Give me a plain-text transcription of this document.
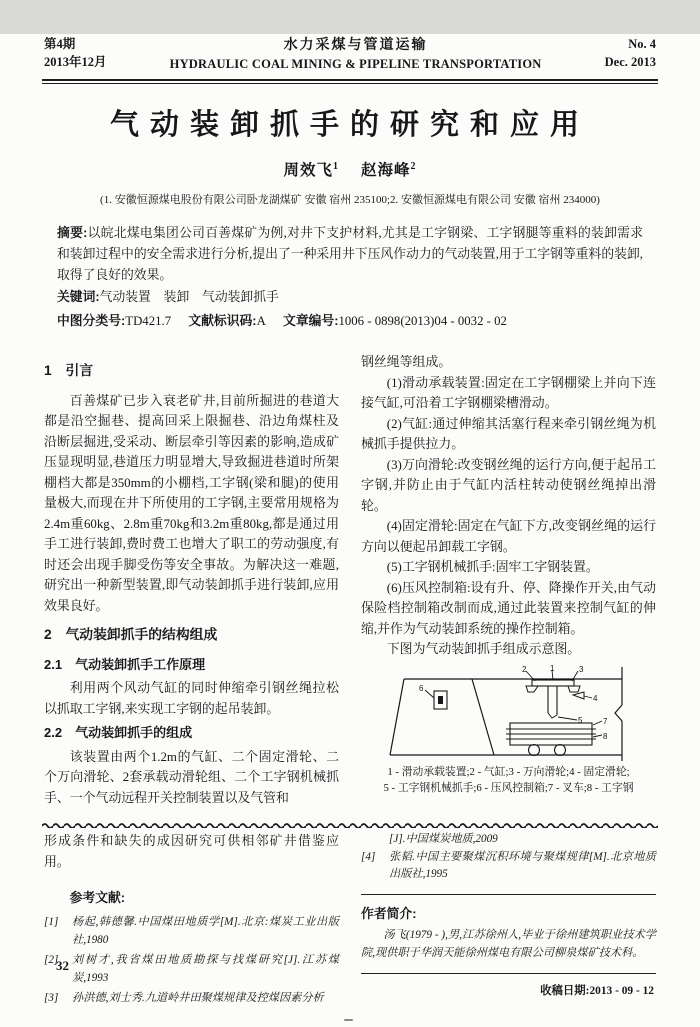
第4期
2013年12月
水力采煤与管道运输
HYDRAULIC COAL MINING & PIPELINE TRANSPORTATION
No. 4
Dec. 2013
气动装卸抓手的研究和应用
周效飞$^1$ 赵海峰$^2$
(1. 安徽恒源煤电股份有限公司卧龙湖煤矿 安徽 宿州 235100;2. 安徽恒源煤电有限公司 安徽 宿州 234000)
摘要:以皖北煤电集团公司百善煤矿为例,对井下支护材料,尤其是工字钢梁、工字钢腿等重料的装卸需求和装卸过程中的安全需求进行分析,提出了一种采用井下压风作动力的气动装置,用于工字钢等重料的装卸,取得了良好的效果。
关键词:气动装置　装卸　气动装卸抓手
中图分类号:TD421.7 文献标识码:A 文章编号:1006 - 0898(2013)04 - 0032 - 02
1　引言

百善煤矿已步入衰老矿井,目前所掘进的巷道大都是沿空掘巷、提高回采上限掘巷、沿边角煤柱及沿断层掘进,受采动、断层牵引等因素的影响,造成矿压显现明显,巷道压力明显增大,导致掘进巷道时所架棚档大都是350mm的小棚档,工字钢(梁和腿)的使用量极大,而现在井下所使用的工字钢,主要常用规格为2.4m重60kg、2.8m重70kg和3.2m重80kg,都是通过用手工进行装卸,费时费工也增大了职工的劳动强度,有时还会出现手脚受伤等安全事故。为解决这一难题,研究出一种新型装置,即气动装卸抓手进行装卸,应用效果良好。

2　气动装卸抓手的结构组成
2.1　气动装卸抓手工作原理

利用两个风动气缸的同时伸缩牵引钢丝绳拉松以抓取工字钢,来实现工字钢的起吊装卸。

2.2　气动装卸抓手的组成

该装置由两个1.2m的气缸、二个固定滑轮、二个万向滑轮、2套承载动滑轮组、二个工字钢机械抓手、一个气动远程开关控制装置以及气管和

钢丝绳等组成。

(1)滑动承载装置:固定在工字钢棚梁上并向下连接气缸,可沿着工字钢棚梁槽滑动。

(2)气缸:通过伸缩其活塞行程来牵引钢丝绳为机械抓手提供拉力。

(3)万向滑轮:改变钢丝绳的运行方向,便于起吊工字钢,并防止由于气缸内活柱转动使钢丝绳掉出滑轮。

(4)固定滑轮:固定在气缸下方,改变钢丝绳的运行方向以便起吊卸载工字钢。

(5)工字钢机械抓手:固牢工字钢装置。

(6)压风控制箱:设有升、停、降操作开关,由气动保险档控制箱改制而成,通过此装置来控制气缸的伸缩,并作为气动装卸系统的操作控制箱。

下图为气动装卸抓手组成示意图。

6
2	1	3
4
5	7
8
1 - 滑动承载装置;2 - 气缸;3 - 万向滑轮;4 - 固定滑轮;
5 - 工字钢机械抓手;6 - 压风控制箱;7 - 叉车;8 - 工字钢

形成条件和缺失的成因研究可供相邻矿井借鉴应用。

参考文献:
[1]	杨起,韩德馨.中国煤田地质学[M].北京:煤炭工业出版社,1980
[2]	刘树才,我省煤田地质勘探与找煤研究[J].江苏煤炭,1993
[3]	孙洪德,刘士秀.九道岭井田聚煤规律及控煤因素分析

[J].中国煤炭地质,2009

[4]	张韬.中国主要聚煤沉积环境与聚煤规律[M].北京地质出版社,1995
作者简介:

汤飞(1979 - ),男,江苏徐州人,毕业于徐州建筑职业技术学院,现供职于华润天能徐州煤电有限公司柳泉煤矿技术科。

收稿日期:2013 - 09 - 12
32
